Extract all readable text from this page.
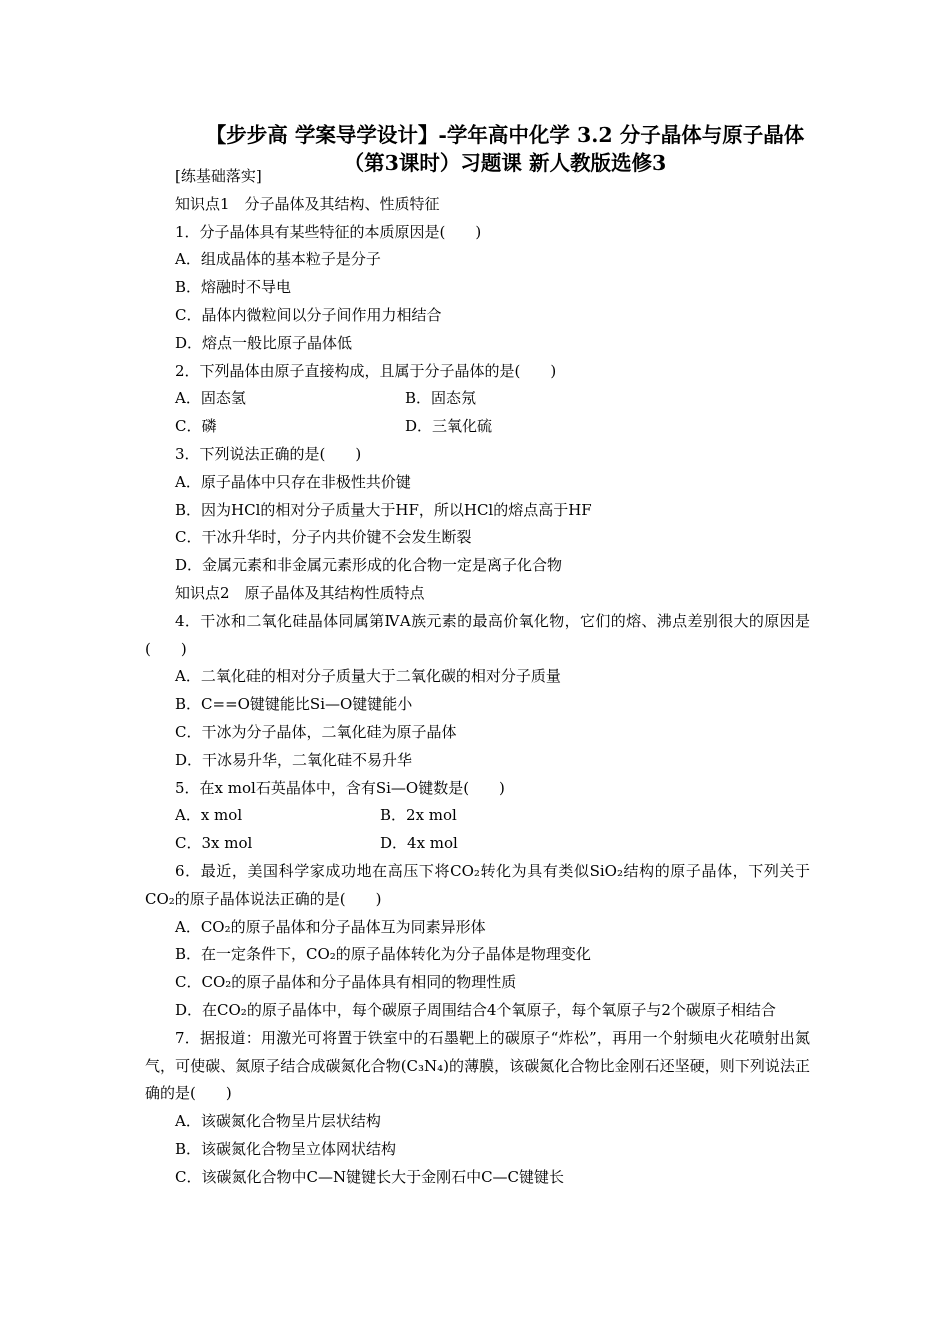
【步步高 学案导学设计】-学年高中化学 3.2 分子晶体与原子晶体
（第3课时）习题课 新人教版选修3
[练基础落实]
知识点1　分子晶体及其结构、性质特征
1．分子晶体具有某些特征的本质原因是(　　)
A．组成晶体的基本粒子是分子
B．熔融时不导电
C．晶体内微粒间以分子间作用力相结合
D．熔点一般比原子晶体低
2．下列晶体由原子直接构成，且属于分子晶体的是(　　)
A．固态氢	B．固态氖
C．磷	D．三氧化硫
3．下列说法正确的是(　　)
A．原子晶体中只存在非极性共价键
B．因为HCl的相对分子质量大于HF，所以HCl的熔点高于HF
C．干冰升华时，分子内共价键不会发生断裂
D．金属元素和非金属元素形成的化合物一定是离子化合物
知识点2　原子晶体及其结构性质特点
4．干冰和二氧化硅晶体同属第ⅣA族元素的最高价氧化物，它们的熔、沸点差别很大的原因是(　　)
A．二氧化硅的相对分子质量大于二氧化碳的相对分子质量
B．C==O键键能比Si—O键键能小
C．干冰为分子晶体，二氧化硅为原子晶体
D．干冰易升华，二氧化硅不易升华
5．在x mol石英晶体中，含有Si—O键数是(　　)
A．x mol	B．2x mol
C．3x mol	D．4x mol
6．最近，美国科学家成功地在高压下将CO₂转化为具有类似SiO₂结构的原子晶体，下列关于CO₂的原子晶体说法正确的是(　　)
A．CO₂的原子晶体和分子晶体互为同素异形体
B．在一定条件下，CO₂的原子晶体转化为分子晶体是物理变化
C．CO₂的原子晶体和分子晶体具有相同的物理性质
D．在CO₂的原子晶体中，每个碳原子周围结合4个氧原子，每个氧原子与2个碳原子相结合
7．据报道：用激光可将置于铁室中的石墨靶上的碳原子“炸松”，再用一个射频电火花喷射出氮气，可使碳、氮原子结合成碳氮化合物(C₃N₄)的薄膜，该碳氮化合物比金刚石还坚硬，则下列说法正确的是(　　)
A．该碳氮化合物呈片层状结构
B．该碳氮化合物呈立体网状结构
C．该碳氮化合物中C—N键键长大于金刚石中C—C键键长
